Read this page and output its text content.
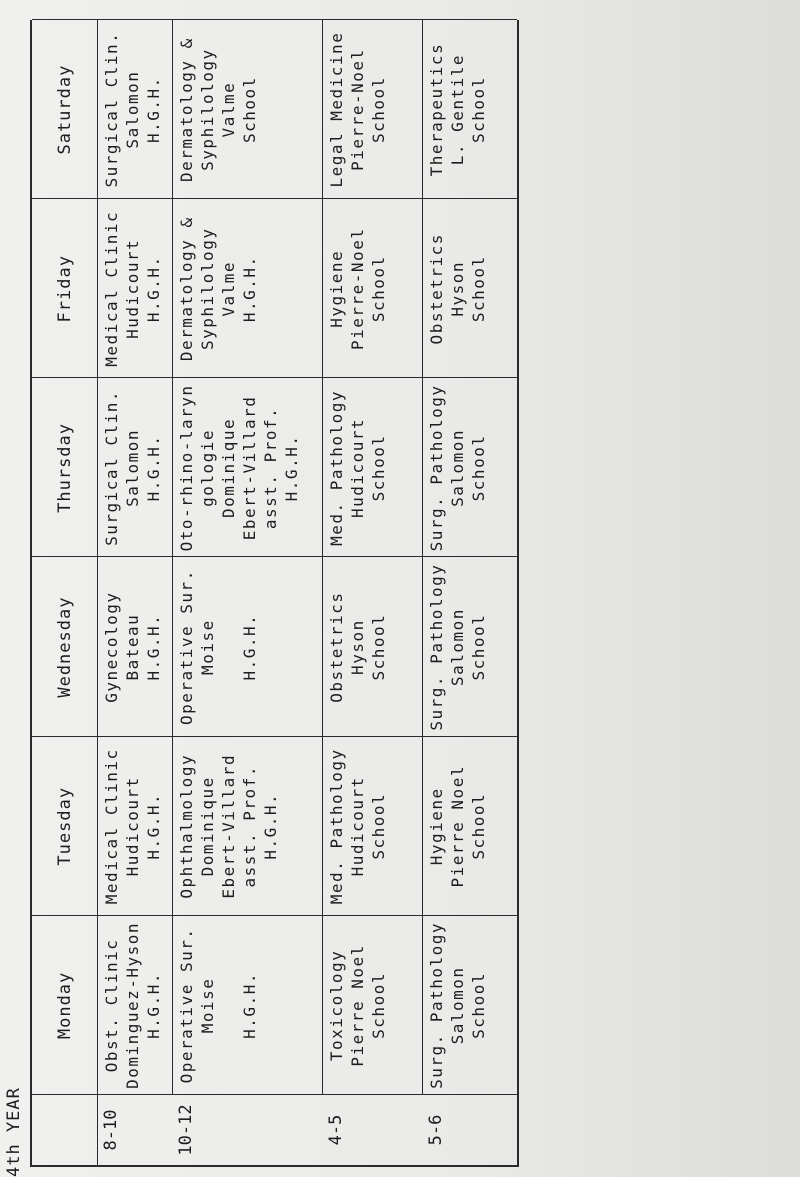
4th YEAR
Monday
Tuesday
Wednesday
Thursday
Friday
Saturday
8-10
Obst. Clinic Dominguez-Hyson H.G.H.
Medical Clinic Hudicourt H.G.H.
Gynecology Bateau H.G.H.
Surgical Clin. Salomon H.G.H.
Medical Clinic Hudicourt H.G.H.
Surgical Clin. Salomon H.G.H.
10-12
Operative Sur. Moise
H.G.H.
Ophthalmology Dominique Ebert-Villard asst. Prof. H.G.H.
Operative Sur. Moise
H.G.H.
Oto-rhino-laryn gologie Dominique Ebert-Villard asst. Prof. H.G.H.
Dermatology & Syphilology Valme H.G.H.
Dermatology & Syphilology Valme School
4-5
Toxicology Pierre Noel School
Med. Pathology Hudicourt School
Obstetrics Hyson School
Med. Pathology Hudicourt School
Hygiene Pierre-Noel School
Legal Medicine Pierre-Noel School
5-6
Surg. Pathology Salomon School
Hygiene Pierre Noel School
Surg. Pathology Salomon School
Surg. Pathology Salomon School
Obstetrics Hyson School
Therapeutics L. Gentile School
